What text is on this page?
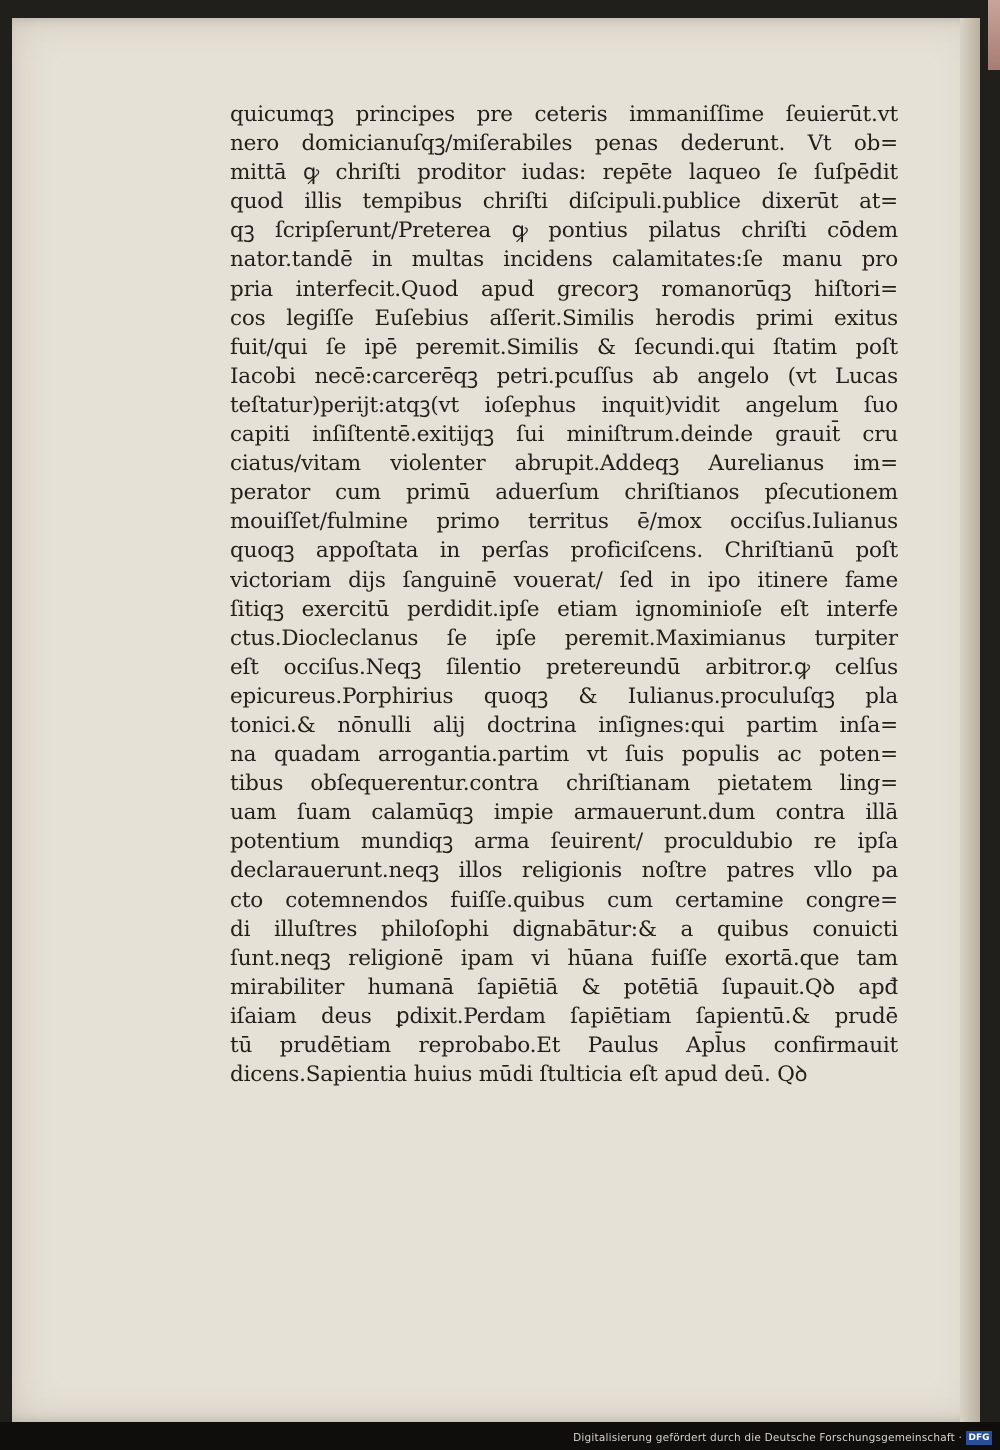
quicumqꝫ principes pre ceteris immaniſſime ſeuierūt.vt
nero domicianuſqꝫ/miſerabiles penas dederunt. Vt ob=
mittā ꝙ chriſti proditor iudas: repēte laqueo ſe ſuſpēdit
quod illis tempibus chriſti diſcipuli.publice dixerūt at=
qꝫ ſcripſerunt/Preterea ꝙ pontius pilatus chriſti cōdem
nator.tandē in multas incidens calamitates:ſe manu pro
pria interfecit.Quod apud grecorꝫ romanorūqꝫ hiſtori=
cos legiſſe Euſebius aſſerit.Similis herodis primi exitus
fuit/qui ſe ipē peremit.Similis & ſecundi.qui ſtatim poſt
Iacobi necē:carcerēqꝫ petri.pcuſſus ab angelo (vt Lucas
teſtatur)perijt:atqꝫ(vt ioſephus inquit)vidit angelum ſuo
capiti inſiſtentē.exitijqꝫ ſui miniſtrum.deinde grauit̄ cru
ciatus/vitam violenter abrupit.Addeqꝫ Aurelianus im=
perator cum primū aduerſum chriſtianos pſecutionem
mouiſſet/fulmine primo territus ē/mox occiſus.Iulianus
quoqꝫ appoſtata in perſas proficiſcens. Chriſtianū poſt
victoriam dijs ſanguinē vouerat/ ſed in ipo itinere fame
ſitiqꝫ exercitū perdidit.ipſe etiam ignominioſe eſt interfe
ctus.Diocleclanus ſe ipſe peremit.Maximianus turpiter
eſt occiſus.Neqꝫ ſilentio pretereundū arbitror.ꝙ celſus
epicureus.Porphirius quoqꝫ & Iulianus.proculuſqꝫ pla
tonici.& nōnulli alij doctrina inſignes:qui partim inſa=
na quadam arrogantia.partim vt ſuis populis ac poten=
tibus obſequerentur.contra chriſtianam pietatem ling=
uam ſuam calamūqꝫ impie armauerunt.dum contra illā
potentium mundiqꝫ arma ſeuirent/ proculdubio re ipſa
declarauerunt.neqꝫ illos religionis noſtre patres vllo pa
cto cotemnendos fuiſſe.quibus cum certamine congre=
di illuſtres philoſophi dignabātur:& a quibus conuicti
ſunt.neqꝫ religionē ipam vi hūana fuiſſe exortā.que tam
mirabiliter humanā ſapiētiā & potētiā ſupauit.Qꝺ apđ
iſaiam deus ꝑdixit.Perdam ſapiētiam ſapientū.& prudē
tū prudētiam reprobabo.Et Paulus Apl̄us confirmauit
dicens.Sapientia huius mūdi ſtulticia eſt apud deū. Qꝺ
Digitalisierung gefördert durch die Deutsche Forschungsgemeinschaft · DFG
